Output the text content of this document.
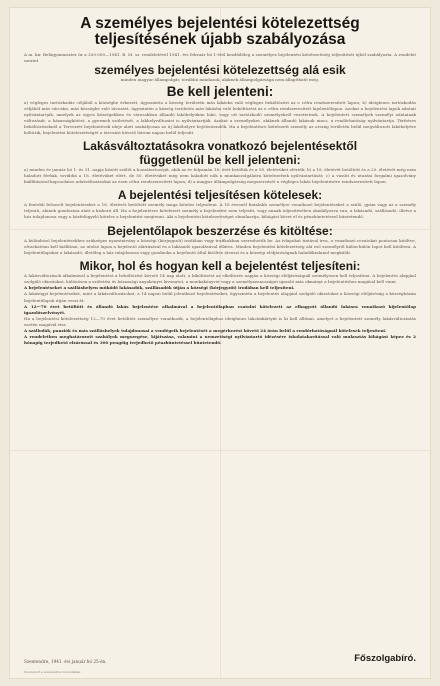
A személyes bejelentési kötelezettség
teljesítésének újabb szabályozása

A m. kir. Belügyminiszter úr a 200.000—1941. B. M. sz. rendeletével 1941. évi február hó 1-étől kezdődőleg a személyes bejelentési kötelezettség teljesítését újból szabályozta. A rendelet szerint

személyes bejelentési kötelezettség alá esik

minden magyar állampolgár, továbbá mindazok, akiknek állampolgársága nem állapítható meg.

Be kell jelenteni:

a) végleges tartózkodás céljából a községbe érkezett, úgyszintén a község területén más lakásba való végleges beköltözést az e célra rendszeresített lapon; b) ideiglenes tartózkodás céljából más városba, más községbe való távozást, úgyszintén a község területén más lakásba való beköltözést az e célra rendszeresített kijelentőlapon. Azokat a bejelentési lapok adatait nyilvántartják, amelyek az egyes községekben és városokban állandó lakóhelyükön lakó, vagy ott tartózkodó személyekről vezettetnek. A bejelentett személyek személyi adatainak változását, a házasságkötést, a gyermek születését, a lakhelyváltozást is nyilvántartják. Azokat a személyeket, akiknek állandó lakásuk nincs, a rendőrhatóság nyilvántartja. Térítéses beköltözéseknél a Tervezett bejelentések ideje alatt szabályosan az új lakóhelyre bejelentendők. Ha a bejelentésre kötelezett személy az ország területén belül megváltozott lakóhelyére költözik, bejelentési kötelezettségét a távozást követő három napon belül teljesíti.

Lakásváltoztatásokra vonatkozó bejelentésektől
függetlenül be kell jelenteni:

a) minden év január hó 1. és 31. napja között szülőt a hozzátartozóját, akik az év folyamán 18. évét betöltik és a 18. életévüket elérték; b) a 18. életévét betöltött és a 20. életévét még nem haladott férfiak, továbbá a 18. életévüket elért, de 50. életévüket még nem haladott nők a munkaszolgálatra kötelezettek nyilvántartását; c) a vasúti és utazási forgalmi igazolvány kiállításával kapcsolatos adatváltozásokat az ezen célra rendszeresített lapon; d) a magyar állampolgárság megszerzését a végleges lakás bejelentésére rendszeresített lapon.

A bejelentési teljesítésen kötelesek:

A fentebb felsorolt bejelentéseket a 18. életévét betöltött személy maga köteles teljesíteni. A 18 évesnél fiatalabb személyre vonatkozó bejelentéseket a szülő, gyám vagy az a személy teljesíti, akinek gondozása alatt a kiskorú áll. Ha a bejelentésre kötelezett személy a bejelentést nem teljesíti, vagy annak teljesítésében akadályozva van, a lakásadó, szállásadó, illetve a ház tulajdonosa vagy a házfelügyelő köteles a bejelentést megtenni. Aki a bejelentési kötelezettséget elmulasztja, kihágást követ el és pénzbüntetéssel büntetendő.

Bejelentőlapok beszerzése és kitöltése:

A különböző bejelentésekhez szükséges nyomtatvány a községi (körjegyzői) irodában vagy trafikokban szerezhetők be. Az ívlapokat tintával írva, a vonatkozó rovatokat pontosan kitöltve, olvashatóan kell kiállítani, az utolsó lapon a bejelentő aláírásával és a lakásadó igazolásával ellátva. Minden bejelentési kötelezettség alá eső személyről külön-külön lapot kell kitölteni. A bejelentőlapokat a lakásadó, illetőleg a ház tulajdonosa vagy gondnoka a bejelentő által kitöltve átveszi és a községi elöljáróságnak haladéktalanul megküldi.

Mikor, hol és hogyan kell a bejelentést teljesíteni:

A lakásváltozások alkalmával a bejelentést a beköltözést követő 14 nap alatt, a kiköltözést az elköltözés napján a községi elöljáróságnál személyesen kell teljesíteni. A bejelentés alapjául szolgáló okiratokat, különösen a születési és házassági anyakönyvi kivonatot, a munkakönyvet vagy a személyazonosságot igazoló más okmányt a bejelentéshez magával kell vinni.

A bejelentéseket a szálláshelyen működő lakásadók, szállásadók útján a községi (körjegyzői) irodában kell teljesíteni.

A lakásügyi bejelentéseket, mint a lakásváltozásokat, a 14 napon belül jelentkező bejelentéseket, úgyszintén a bejelentés alapjául szolgáló okiratokat a községi elöljáróság a községházán bejelentőlapok útján veszi át.

A 12—70 évet betöltött és állandó lakás bejelentése alkalmával a bejelentőlapban csatolni kötelezett az elhagyott állandó lakásra vonatkozó kijelentőlap igazolószelvényét.

Ha a bejelentési kötelezettség 12—70 évet betöltött személyre vonatkozik, a bejelentőlaphoz ideiglenes lakcímkártyát is ki kell állítani, amelyet a bejelentett személy lakásváltoztatás esetén magával visz.

A szállodák, panziók és más szálláshelyek tulajdonosai a vendégeik bejelentését a megérkezést követő 24 órán belül a rendőrhatóságnál kötelesek teljesíteni.

A rendeletben meghatározott szabályok megszegése, kijátszása, valamint a nemzetiségi nyilvántartó idézésére iskolatakarítással való mulasztás kihágást képez és 2 hónapig terjedhető elzárással és 300 pengőig terjedhető pénzbüntetéssel büntetendő.

Szentendre, 1941. évi január hó 25-én.	Főszolgabíró.
Nyomatott a szentendrei nyomdában.
